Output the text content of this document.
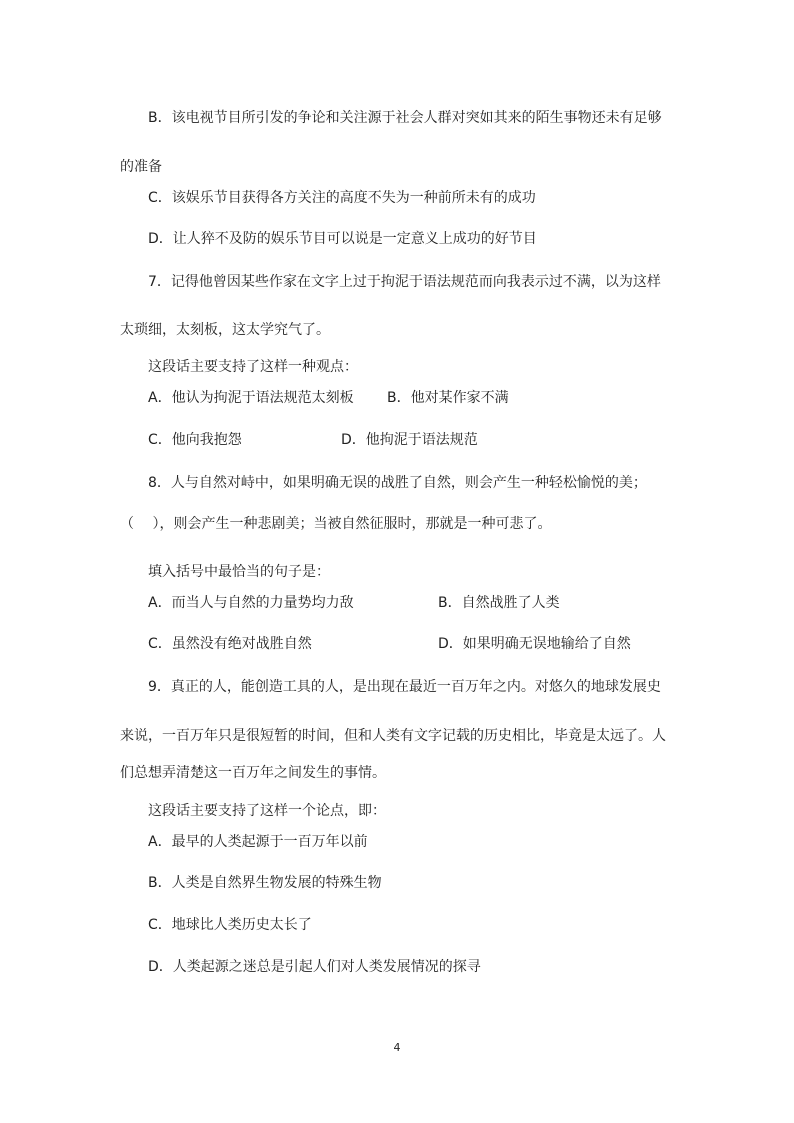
B．该电视节目所引发的争论和关注源于社会人群对突如其来的陌生事物还未有足够
的准备
C．该娱乐节目获得各方关注的高度不失为一种前所未有的成功
D．让人猝不及防的娱乐节目可以说是一定意义上成功的好节目
7．记得他曾因某些作家在文字上过于拘泥于语法规范而向我表示过不满，以为这样
太琐细，太刻板，这太学究气了。
这段话主要支持了这样一种观点：
A．他认为拘泥于语法规范太刻板 B．他对某作家不满
C．他向我抱怨	D．他拘泥于语法规范
8．人与自然对峙中，如果明确无误的战胜了自然，则会产生一种轻松愉悦的美；
（　 ），则会产生一种悲剧美；当被自然征服时，那就是一种可悲了。
填入括号中最恰当的句子是：
A．而当人与自然的力量势均力敌	B．自然战胜了人类
C．虽然没有绝对战胜自然	D．如果明确无误地输给了自然
9．真正的人，能创造工具的人，是出现在最近一百万年之内。对悠久的地球发展史
来说，一百万年只是很短暂的时间，但和人类有文字记载的历史相比，毕竟是太远了。人
们总想弄清楚这一百万年之间发生的事情。
这段话主要支持了这样一个论点，即：
A．最早的人类起源于一百万年以前
B．人类是自然界生物发展的特殊生物
C．地球比人类历史太长了
D．人类起源之迷总是引起人们对人类发展情况的探寻
4
